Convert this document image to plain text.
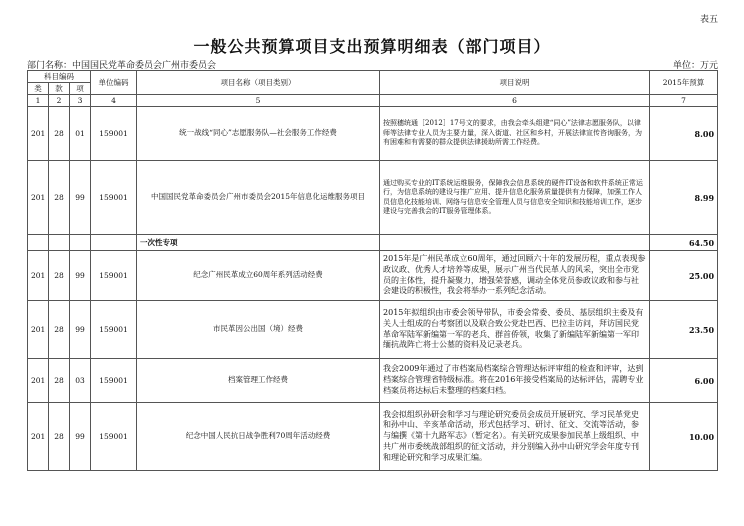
表五
一般公共预算项目支出预算明细表（部门项目）
部门名称：中国国民党革命委员会广州市委员会	单位：万元
科目编码			单位编码	项目名称（项目类别）	项目说明	2015年预算
类	款	项				
1	2	3	4	5	6	7
201	28	01	159001	统一战线“同心”志愿服务队—社会服务工作经费	按照穗统通［2012］17号文的要求，由我会牵头组建“同心”法律志愿服务队，以律师等法律专业人员为主要力量，深入街道、社区和乡村，开展法律宣传咨询服务，为有困难和有需要的群众提供法律援助所需工作经费。	8.00
201	28	99	159001	中国国民党革命委员会广州市委员会2015年信息化运维服务项目	通过购买专业的IT系统运维服务，保障我会信息系统的硬件IT设备和软件系统正常运行，为信息系统的建设与推广应用、提升信息化服务质量提供有力保障，加强工作人员信息化技能培训、网络与信息安全管理人员与信息安全知识和技能培训工作，逐步建设与完善我会的IT服务管理体系。	8.99
				一次性专项		64.50
201	28	99	159001	纪念广州民革成立60周年系列活动经费	2015年是广州民革成立60周年，通过回顾六十年的发展历程，重点表现参政议政、优秀人才培养等成果，展示广州当代民革人的风采，突出全市党员的主体性，提升凝聚力，增强荣誉感，调动全体党员参政议政和参与社会建设的积极性，我会将举办一系列纪念活动。	25.00
201	28	99	159001	市民革因公出国（境）经费	2015年拟组织由市委会领导带队，市委会常委、委员、基层组织主委及有关人士组成的台考察团以及联合致公党赴巴西、巴拉圭访问，拜访国民党革命军陆军新编第一军的老兵、群首侨领，收集了新编陆军新编第一军印缅抗战阵亡将士公墓的资料及记录老兵。	23.50
201	28	03	159001	档案管理工作经费	我会2009年通过了市档案局档案综合管理达标评审组的检查和评审，达到档案综合管理省特级标准。将在2016年接受档案局的达标评估，需聘专业档案员将达标后未整理的档案归档。	6.00
201	28	99	159001	纪念中国人民抗日战争胜利70周年活动经费	我会拟组织孙研会和学习与理论研究委员会成员开展研究、学习民革党史和孙中山、辛亥革命活动，形式包括学习、研讨、征文、交流等活动，参与编撰《第十九路军志》（暂定名）。有关研究成果参加民革上级组织、中共广州市委统战部组织的征文活动，并分别编入孙中山研究学会年度专刊和理论研究和学习成果汇编。	10.00
